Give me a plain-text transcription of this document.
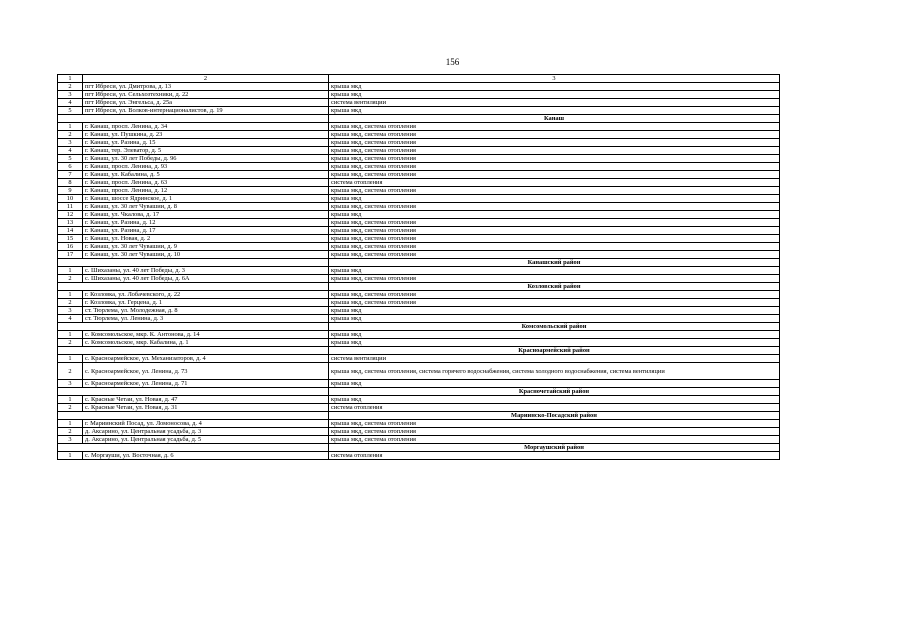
156
1	2	3
2	пгт Ибреси, ул. Дмитрова, д. 13	крыша мкд
3	пгт Ибреси, ул. Сельхозтехники, д. 22	крыша мкд
4	пгт Ибреси, ул. Энгельса, д. 25а	система вентиляции
5	пгт Ибреси, ул. Волков-интернационалистов, д. 19	крыша мкд
		Канаш
1	г. Канаш, просп. Ленина, д. 34	крыша мкд, система отопления
2	г. Канаш, ул. Пушкина, д. 23	крыша мкд, система отопления
3	г. Канаш, ул. Разина, д. 15	крыша мкд, система отопления
4	г. Канаш, тер. Элеватор, д. 5	крыша мкд, система отопления
5	г. Канаш, ул. 30 лет Победы, д. 96	крыша мкд, система отопления
6	г. Канаш, просп. Ленина, д. 93	крыша мкд, система отопления
7	г. Канаш, ул. Кабалина, д. 5	крыша мкд, система отопления
8	г. Канаш, просп. Ленина, д. 63	система отопления
9	г. Канаш, просп. Ленина, д. 12	крыша мкд, система отопления
10	г. Канаш, шоссе Ядринское, д. 1	крыша мкд
11	г. Канаш, ул. 30 лет Чувашии, д. 8	крыша мкд, система отопления
12	г. Канаш, ул. Чкалова, д. 17	крыша мкд
13	г. Канаш, ул. Разина, д. 12	крыша мкд, система отопления
14	г. Канаш, ул. Разина, д. 17	крыша мкд, система отопления
15	г. Канаш, ул. Новая, д. 2	крыша мкд, система отопления
16	г. Канаш, ул. 30 лет Чувашии, д. 9	крыша мкд, система отопления
17	г. Канаш, ул. 30 лет Чувашии, д. 10	крыша мкд, система отопления
		Канашский район
1	с. Шихазаны, ул. 40 лет Победы, д. 3	крыша мкд
2	с. Шихазаны, ул. 40 лет Победы, д. 6А	крыша мкд, система отопления
		Козловский район
1	г. Козловка, ул. Лобачевского, д. 22	крыша мкд, система отопления
2	г. Козловка, ул. Герцена, д. 1	крыша мкд, система отопления
3	ст. Тюрлема, ул. Молодежная, д. 8	крыша мкд
4	ст. Тюрлема, ул. Ленина, д. 3	крыша мкд
		Комсомольский район
1	с. Комсомольское, мкр. К. Антонова, д. 14	крыша мкд
2	с. Комсомольское, мкр. Кабалина, д. 1	крыша мкд
		Красноармейский район
1	с. Красноармейское, ул. Механизаторов, д. 4	система вентиляции
2	с. Красноармейское, ул. Ленина, д. 73	крыша мкд, система отопления, система горячего водоснабжения, система холодного водоснабжения, система вентиляции
3	с. Красноармейское, ул. Ленина, д. 71	крыша мкд
		Красночетайский район
1	с. Красные Четаи, ул. Новая, д. 47	крыша мкд
2	с. Красные Четаи, ул. Новая, д. 31	система отопления
		Мариинско-Посадский район
1	г. Мариинский Посад, ул. Ломоносова, д. 4	крыша мкд, система отопления
2	д. Аксарино, ул. Центральная усадьба, д. 3	крыша мкд, система отопления
3	д. Аксарино, ул. Центральная усадьба, д. 5	крыша мкд, система отопления
		Моргаушский район
1	с. Моргауши, ул. Восточная, д. 6	система отопления
